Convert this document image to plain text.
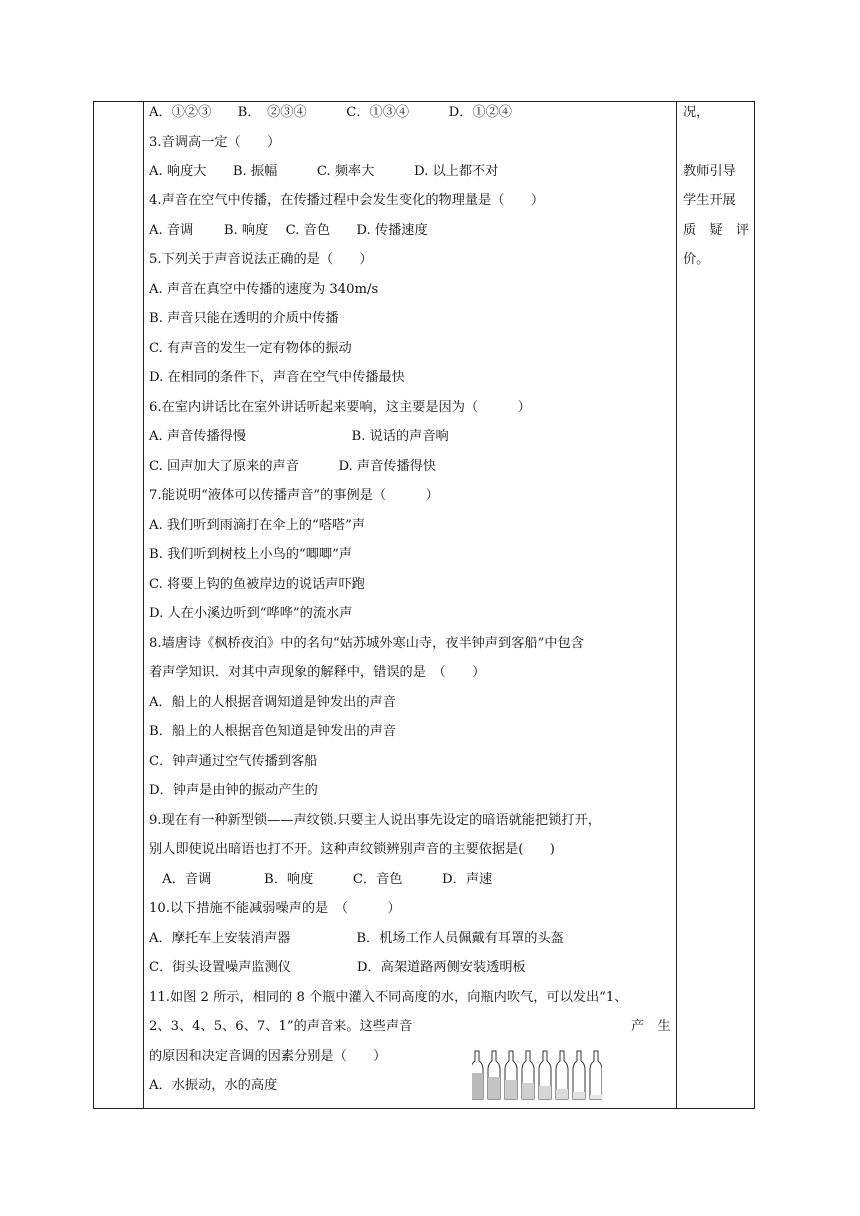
A．①②③　　B．　②③④　　　C．①③④　　　D．①②④
3.音调高一定（　　）
A. 响度大　　B. 振幅　　　C. 频率大　　　D. 以上都不对
4.声音在空气中传播，在传播过程中会发生变化的物理量是（　　）
A. 音调　　 B. 响度　 C. 音色　　D. 传播速度
5.下列关于声音说法正确的是（　　）
A. 声音在真空中传播的速度为 340m/s
B. 声音只能在透明的介质中传播
C. 有声音的发生一定有物体的振动
D. 在相同的条件下，声音在空气中传播最快
6.在室内讲话比在室外讲话听起来要响，这主要是因为（　　　）
A. 声音传播得慢　　　　　　　　B. 说话的声音响
C. 回声加大了原来的声音　　　D. 声音传播得快
7.能说明“液体可以传播声音”的事例是（　　　）
A. 我们听到雨滴打在伞上的“嗒嗒”声
B. 我们听到树枝上小鸟的“唧唧”声
C. 将要上钩的鱼被岸边的说话声吓跑
D. 人在小溪边听到“哗哗”的流水声
8.墙唐诗《枫桥夜泊》中的名句“姑苏城外寒山寺，夜半钟声到客船”中包含
着声学知识．对其中声现象的解释中，错误的是　（　　）
A．船上的人根据音调知道是钟发出的声音
B．船上的人根据音色知道是钟发出的声音
C．钟声通过空气传播到客船
D．钟声是由钟的振动产生的
9.现在有一种新型锁——声纹锁.只要主人说出事先设定的暗语就能把锁打开，
别人即使说出暗语也打不开。这种声纹锁辨别声音的主要依据是(　　)
　A．音调　　　　B．响度　　　C．音色　　　D．声速
10.以下措施不能减弱噪声的是　（　　　）
A．摩托车上安装消声器　　　　　B．机场工作人员佩戴有耳罩的头盔
C．街头设置噪声监测仪　　　　　D．高架道路两侧安装透明板
11.如图 2 所示，相同的 8 个瓶中灌入不同高度的水，向瓶内吹气，可以发出“1、
2、3、4、5、6、7、1”的声音来。这些声音	产　生
的原因和决定音调的因素分别是（　　）
A．水振动，水的高度
况，
教师引导
学生开展
质 疑 评
价。
